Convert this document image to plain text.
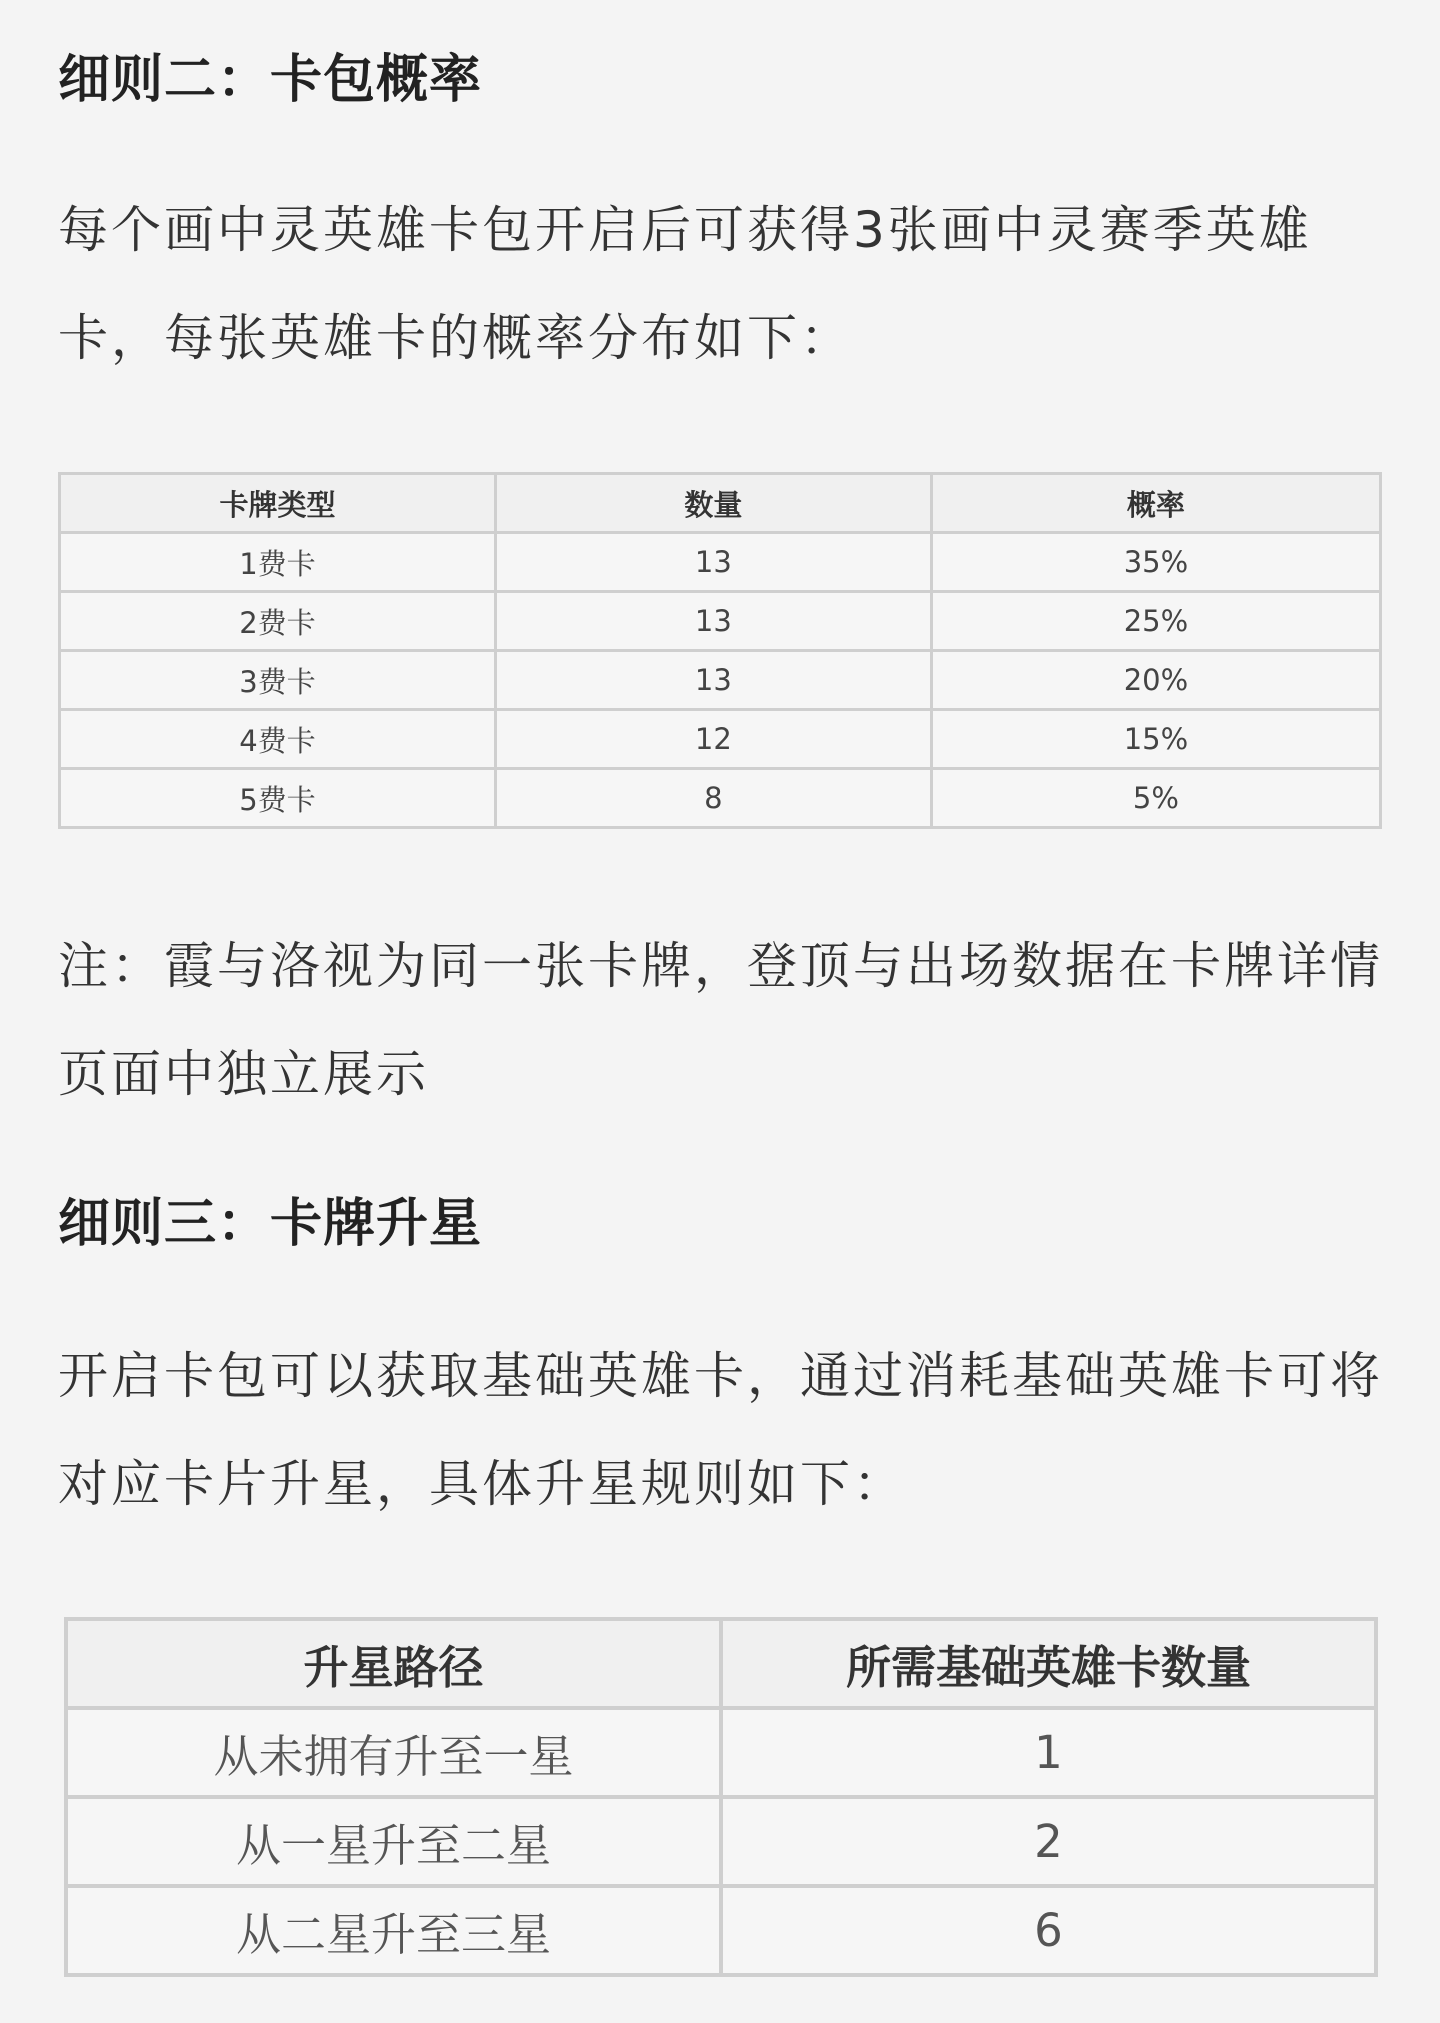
细则二：卡包概率

每个画中灵英雄卡包开启后可获得3张画中灵赛季英雄卡，每张英雄卡的概率分布如下：

卡牌类型	数量	概率
1费卡	13	35%
2费卡	13	25%
3费卡	13	20%
4费卡	12	15%
5费卡	8	5%

注：霞与洛视为同一张卡牌，登顶与出场数据在卡牌详情页面中独立展示

细则三：卡牌升星

开启卡包可以获取基础英雄卡，通过消耗基础英雄卡可将对应卡片升星，具体升星规则如下：

升星路径	所需基础英雄卡数量
从未拥有升至一星	1
从一星升至二星	2
从二星升至三星	6
